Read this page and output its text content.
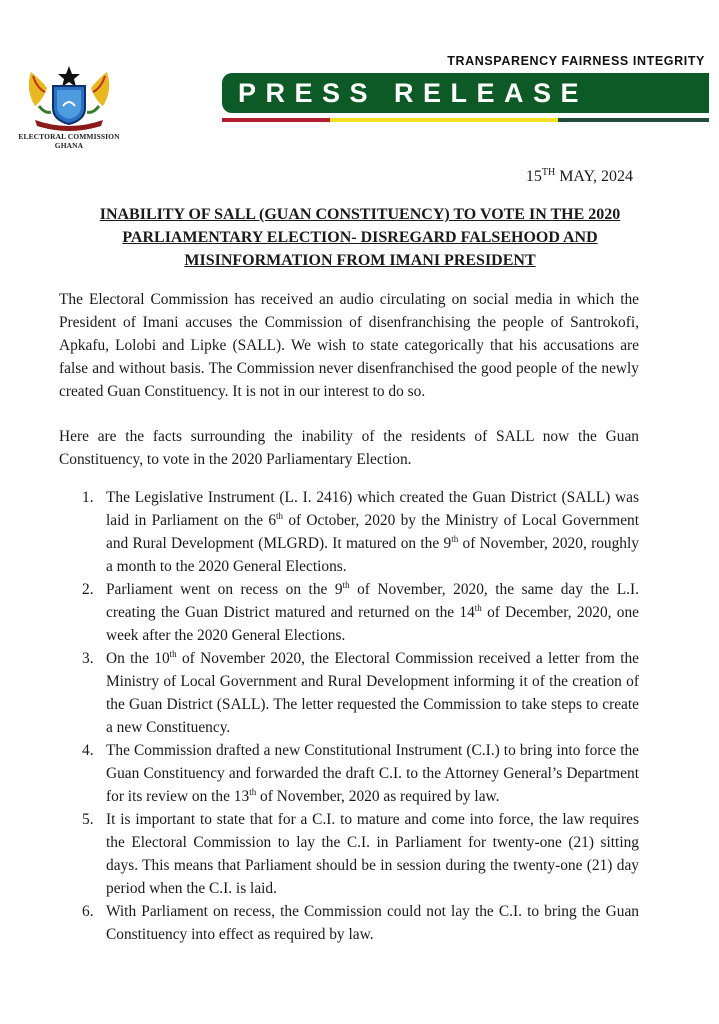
ELECTORAL COMMISSION
GHANA
TRANSPARENCY FAIRNESS INTEGRITY
PRESS RELEASE
15TH MAY, 2024
INABILITY OF SALL (GUAN CONSTITUENCY) TO VOTE IN THE 2020
PARLIAMENTARY ELECTION- DISREGARD FALSEHOOD AND
MISINFORMATION FROM IMANI PRESIDENT
The Electoral Commission has received an audio circulating on social media in which the President of Imani accuses the Commission of disenfranchising the people of Santrokofi, Apkafu, Lolobi and Lipke (SALL). We wish to state categorically that his accusations are false and without basis. The Commission never disenfranchised the good people of the newly created Guan Constituency. It is not in our interest to do so.
Here are the facts surrounding the inability of the residents of SALL now the Guan Constituency, to vote in the 2020 Parliamentary Election.
1. The Legislative Instrument (L. I. 2416) which created the Guan District (SALL) was laid in Parliament on the 6th of October, 2020 by the Ministry of Local Government and Rural Development (MLGRD). It matured on the 9th of November, 2020, roughly a month to the 2020 General Elections.
2. Parliament went on recess on the 9th of November, 2020, the same day the L.I. creating the Guan District matured and returned on the 14th of December, 2020, one week after the 2020 General Elections.
3. On the 10th of November 2020, the Electoral Commission received a letter from the Ministry of Local Government and Rural Development informing it of the creation of the Guan District (SALL). The letter requested the Commission to take steps to create a new Constituency.
4. The Commission drafted a new Constitutional Instrument (C.I.) to bring into force the Guan Constituency and forwarded the draft C.I. to the Attorney General’s Department for its review on the 13th of November, 2020 as required by law.
5. It is important to state that for a C.I. to mature and come into force, the law requires the Electoral Commission to lay the C.I. in Parliament for twenty-one (21) sitting days. This means that Parliament should be in session during the twenty-one (21) day period when the C.I. is laid.
6. With Parliament on recess, the Commission could not lay the C.I. to bring the Guan Constituency into effect as required by law.
